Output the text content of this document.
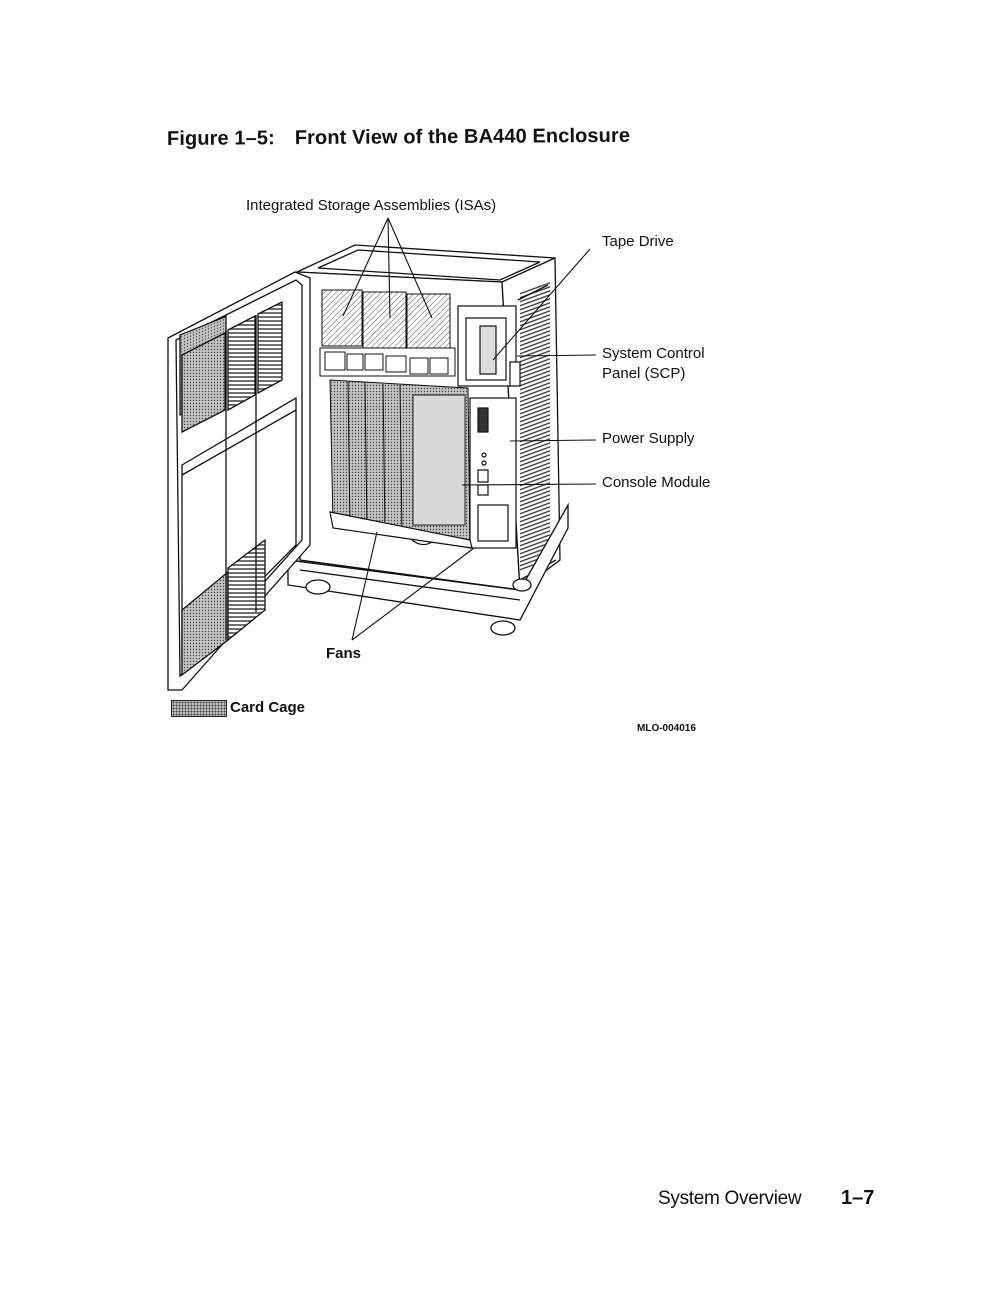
Figure 1–5: Front View of the BA440 Enclosure
Integrated Storage Assemblies (ISAs)
Tape Drive
System Control
Panel (SCP)
Power Supply
Console Module
Fans
Card Cage
MLO-004016
System Overview 1–7
